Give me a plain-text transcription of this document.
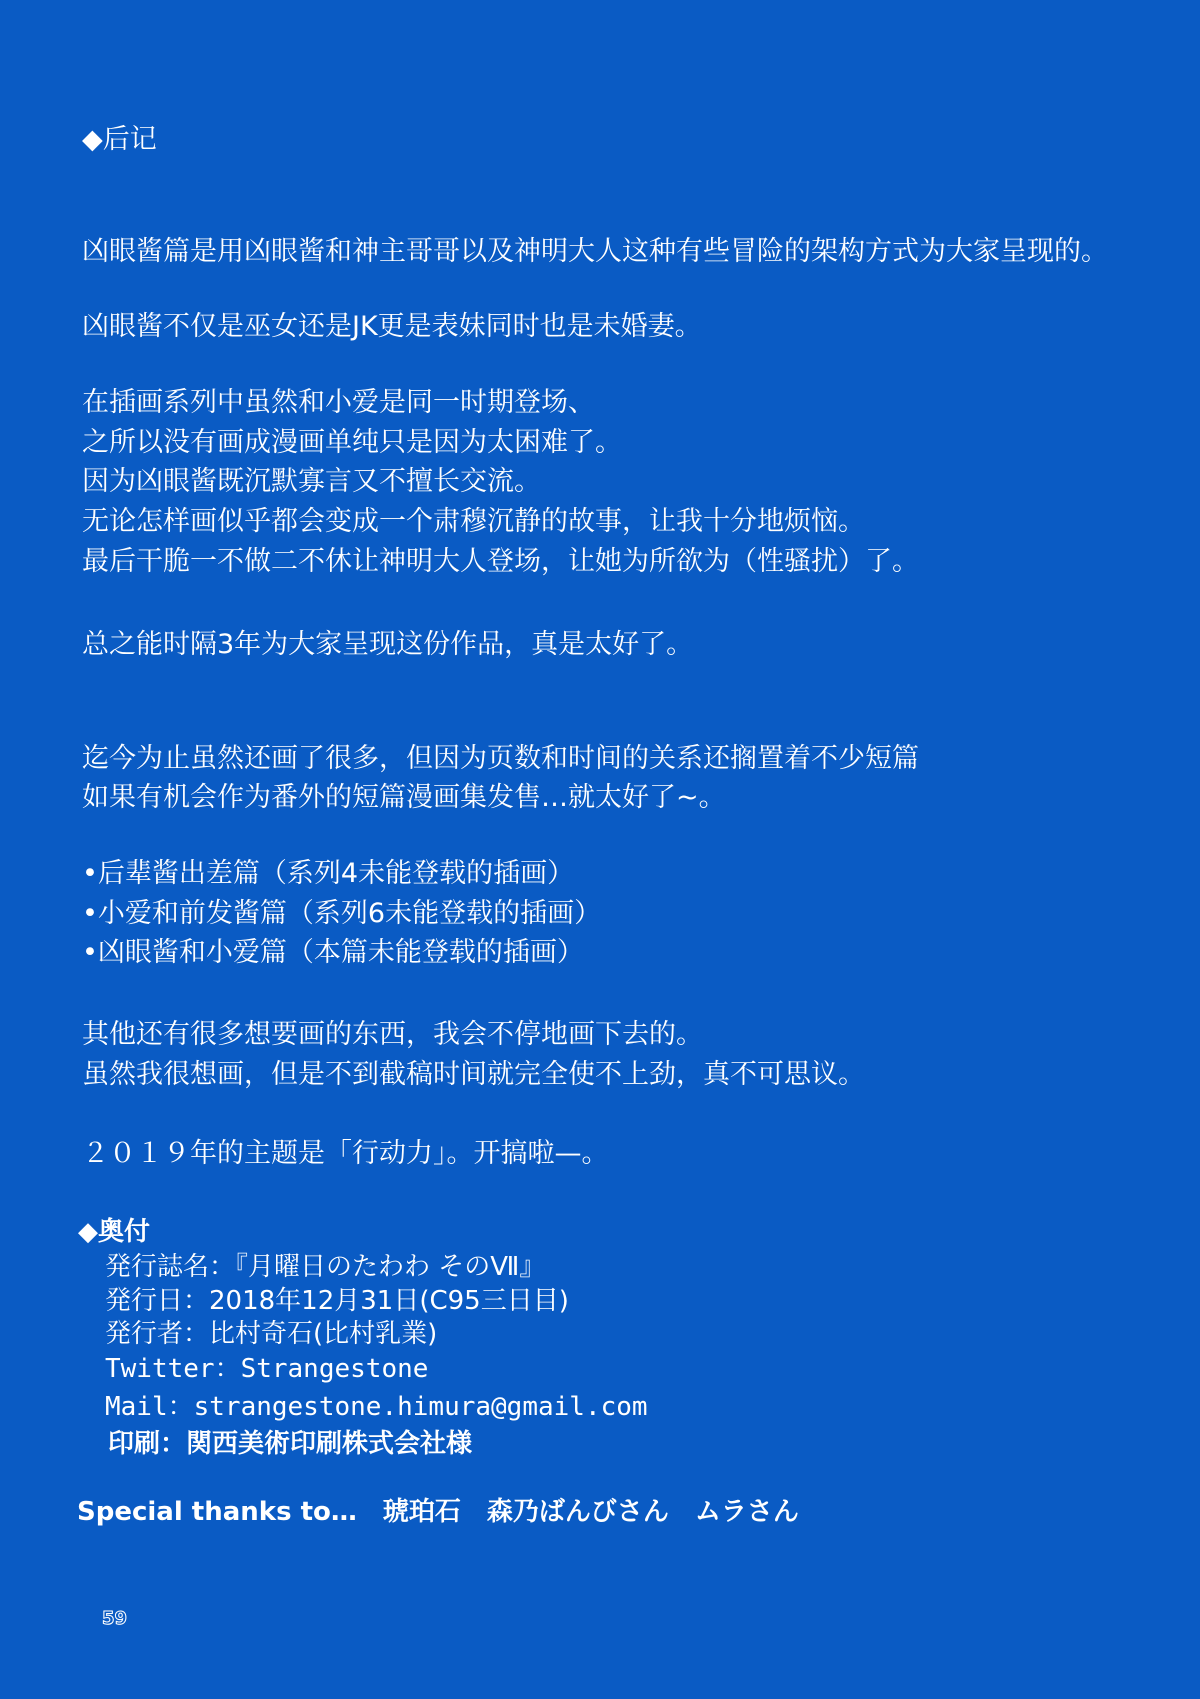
◆后记
凶眼酱篇是用凶眼酱和神主哥哥以及神明大人这种有些冒险的架构方式为大家呈现的。
凶眼酱不仅是巫女还是JK更是表妹同时也是未婚妻。
在插画系列中虽然和小爱是同一时期登场、
之所以没有画成漫画单纯只是因为太困难了。
因为凶眼酱既沉默寡言又不擅长交流。
无论怎样画似乎都会变成一个肃穆沉静的故事，让我十分地烦恼。
最后干脆一不做二不休让神明大人登场，让她为所欲为（性骚扰）了。
总之能时隔3年为大家呈现这份作品，真是太好了。
迄今为止虽然还画了很多，但因为页数和时间的关系还搁置着不少短篇
如果有机会作为番外的短篇漫画集发售…就太好了~。
•后辈酱出差篇（系列4未能登载的插画）
•小爱和前发酱篇（系列6未能登载的插画）
•凶眼酱和小爱篇（本篇未能登载的插画）
其他还有很多想要画的东西，我会不停地画下去的。
虽然我很想画，但是不到截稿时间就完全使不上劲，真不可思议。
２０１９年的主题是「行动力」。开搞啦—。
◆奥付
発行誌名：『月曜日のたわわ そのⅦ』
発行日：2018年12月31日(C95三日目)
発行者：比村奇石(比村乳業)
Twitter：Strangestone
Mail：strangestone.himura@gmail.com
印刷：関西美術印刷株式会社様
Special thanks to…　琥珀石　森乃ばんびさん　ムラさん
59
